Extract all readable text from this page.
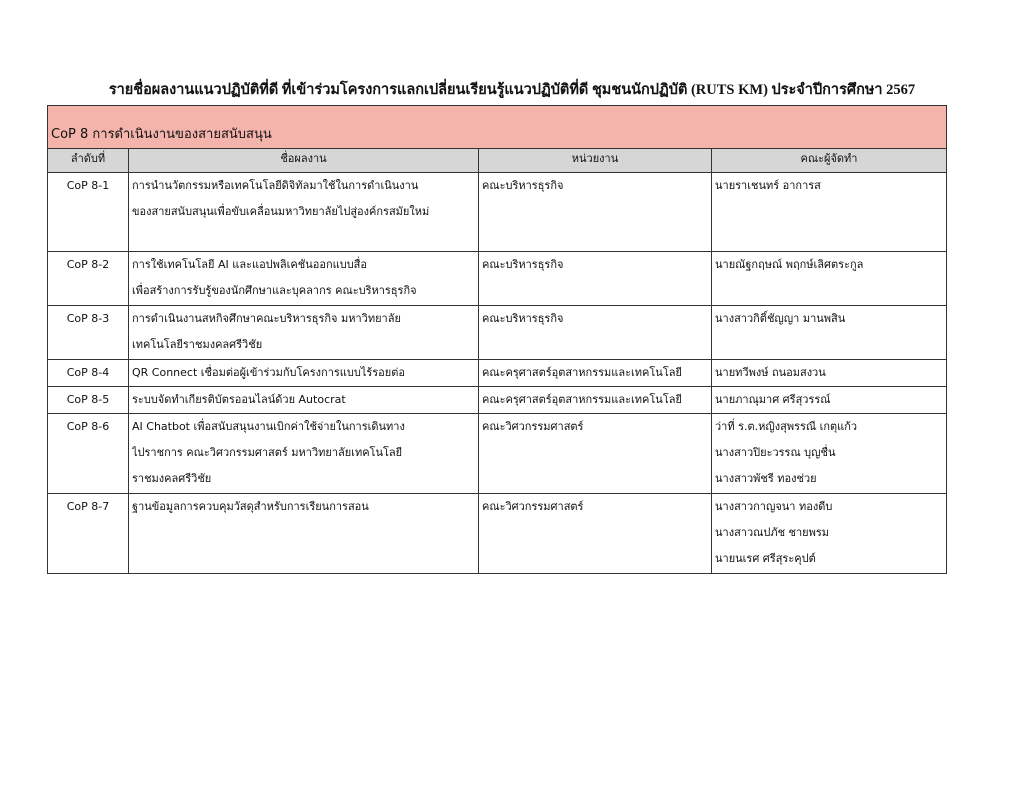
รายชื่อผลงานแนวปฏิบัติที่ดี ที่เข้าร่วมโครงการแลกเปลี่ยนเรียนรู้แนวปฏิบัติที่ดี ชุมชนนักปฏิบัติ (RUTS KM) ประจำปีการศึกษา 2567
CoP 8 การดำเนินงานของสายสนับสนุน			
ลำดับที่	ชื่อผลงาน	หน่วยงาน	คณะผู้จัดทำ
CoP 8-1	การนำนวัตกรรมหรือเทคโนโลยีดิจิทัลมาใช้ในการดำเนินงาน
ของสายสนับสนุนเพื่อขับเคลื่อนมหาวิทยาลัยไปสู่องค์กรสมัยใหม่	คณะบริหารธุรกิจ	นายราเชนทร์ อาการส

CoP 8-2	การใช้เทคโนโลยี AI และแอปพลิเคชันออกแบบสื่อ
เพื่อสร้างการรับรู้ของนักศึกษาและบุคลากร คณะบริหารธุรกิจ	คณะบริหารธุรกิจ	นายณัฐกฤษณ์ พฤกษ์เลิศตระกูล

CoP 8-3	การดำเนินงานสหกิจศึกษาคณะบริหารธุรกิจ มหาวิทยาลัย
เทคโนโลยีราชมงคลศรีวิชัย	คณะบริหารธุรกิจ	นางสาวกิติ์ชัญญา มานพสิน

CoP 8-4	QR Connect เชื่อมต่อผู้เข้าร่วมกับโครงการแบบไร้รอยต่อ	คณะครุศาสตร์อุตสาหกรรมและเทคโนโลยี	นายทวีพงษ์ ถนอมสงวน

CoP 8-5	ระบบจัดทำเกียรติบัตรออนไลน์ด้วย Autocrat	คณะครุศาสตร์อุตสาหกรรมและเทคโนโลยี	นายภาณุมาศ ศรีสุวรรณ์

CoP 8-6	AI Chatbot เพื่อสนับสนุนงานเบิกค่าใช้จ่ายในการเดินทาง
ไปราชการ คณะวิศวกรรมศาสตร์ มหาวิทยาลัยเทคโนโลยี
ราชมงคลศรีวิชัย	คณะวิศวกรรมศาสตร์	ว่าที่ ร.ต.หญิงสุพรรณี เกตุแก้ว
นางสาวปิยะวรรณ บุญชื่น
นางสาวพัชรี ทองช่วย

CoP 8-7	ฐานข้อมูลการควบคุมวัสดุสำหรับการเรียนการสอน	คณะวิศวกรรมศาสตร์	นางสาวกาญจนา ทองดีบ
นางสาวณปภัช ชายพรม
นายนเรศ ศรีสุระคุปต์
